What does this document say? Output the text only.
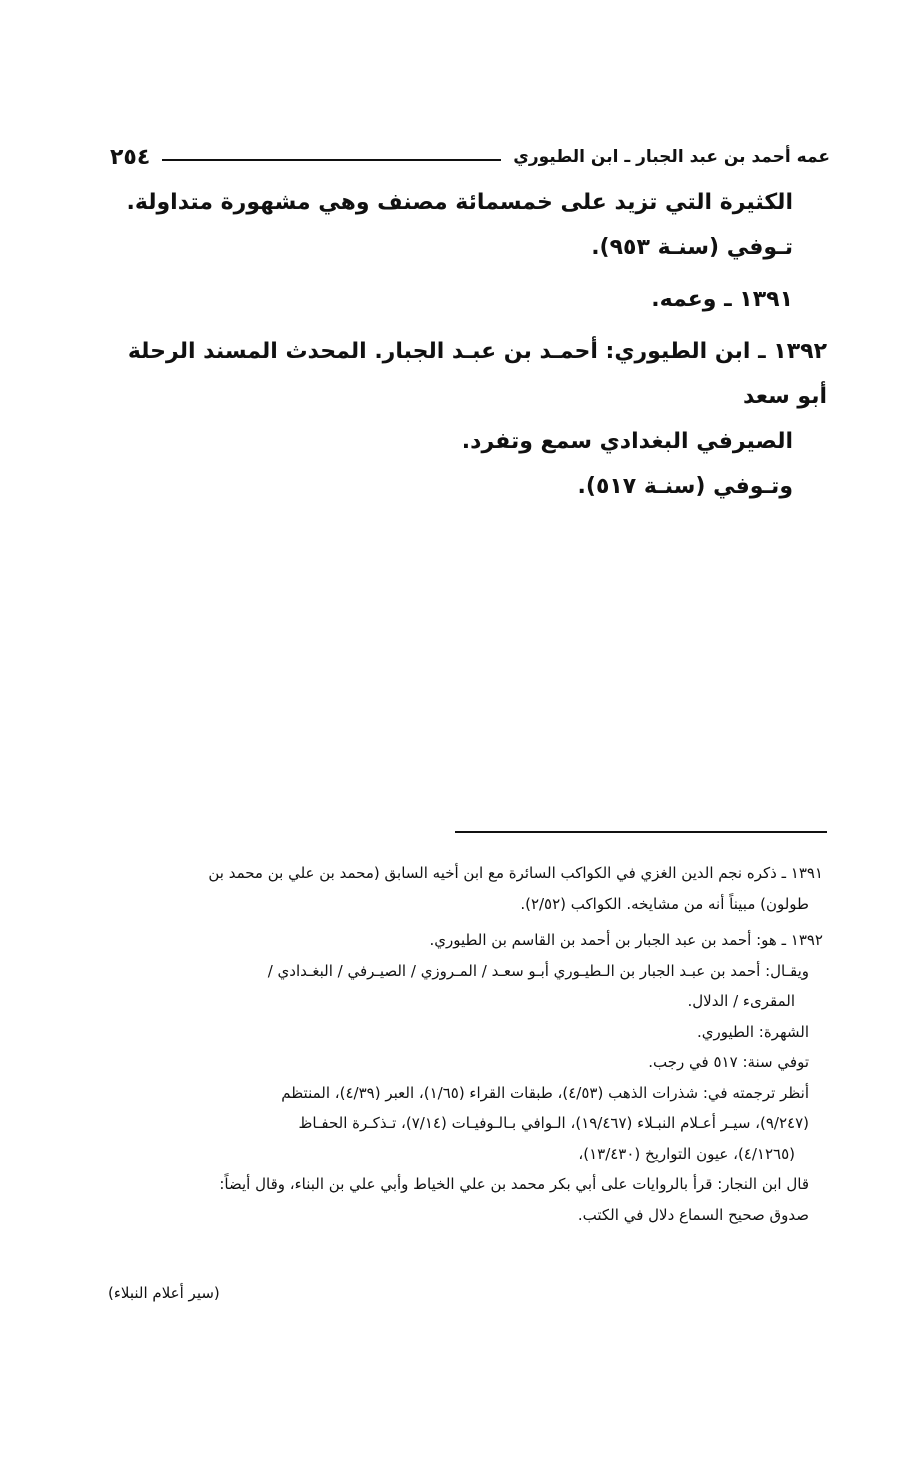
٢٥٤	عمه أحمد بن عبد الجبار ـ ابن الطيوري

الكثيرة التي تزيد على خمسمائة مصنف وهي مشهورة متداولة.

تـوفي (سنـة ٩٥٣).

١٣٩١ ـ وعمه.

١٣٩٢ ـ ابن الطيوري: أحمـد بن عبـد الجبار. المحدث المسند الرحلة أبو سعد

الصيرفي البغدادي سمع وتفرد.

وتـوفي (سنـة ٥١٧).

١٣٩١ ـ ذكره نجم الدين الغزي في الكواكب السائرة مع ابن أخيه السابق (محمد بن علي بن محمد بن

طولون) مبيناً أنه من مشايخه. الكواكب (٢/٥٢).

١٣٩٢ ـ هو: أحمد بن عبد الجبار بن أحمد بن القاسم بن الطيوري.

ويقـال: أحمد بن عبـد الجبار بن الـطيـوري أبـو سعـد / المـروزي / الصيـرفي / البغـدادي /

المقرىء / الدلال.

الشهرة: الطيوري.

توفي سنة: ٥١٧ في رجب.

أنظر ترجمته في: شذرات الذهب (٤/٥٣)، طبقات القراء (١/٦٥)، العبر (٤/٣٩)، المنتظم

(٩/٢٤٧)، سيـر أعـلام النبـلاء (١٩/٤٦٧)، الـوافي بـالـوفيـات (٧/١٤)، تـذكـرة الحفـاظ

(٤/١٢٦٥)، عيون التواريخ (١٣/٤٣٠)،

قال ابن النجار: قرأ بالروايات على أبي بكر محمد بن علي الخياط وأبي علي بن البناء، وقال أيضاً:

صدوق صحيح السماع دلال في الكتب.

(سير أعلام النبلاء)
